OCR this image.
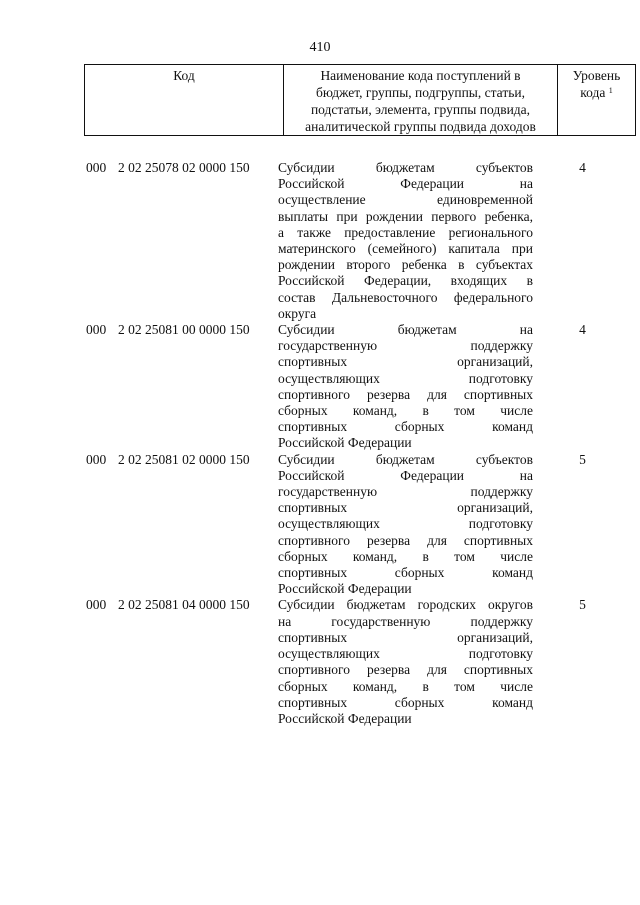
410
Код	Наименование кода поступлений в
бюджет, группы, подгруппы, статьи,
подстатьи, элемента, группы подвида,
аналитической группы подвида доходов

Уровень
кода $^1$
000 2 02 25078 02 0000 150	Субсидии бюджетам субъектов
Российской Федерации на
осуществление единовременной
выплаты при рождении первого ребенка,
а также предоставление регионального
материнского (семейного) капитала при
рождении второго ребенка в субъектах
Российской Федерации, входящих в
состав Дальневосточного федерального
округа
4
000 2 02 25081 00 0000 150	Субсидии бюджетам на
государственную поддержку
спортивных организаций,
осуществляющих подготовку
спортивного резерва для спортивных
сборных команд, в том числе
спортивных сборных команд
Российской Федерации
4
000 2 02 25081 02 0000 150	Субсидии бюджетам субъектов
Российской Федерации на
государственную поддержку
спортивных организаций,
осуществляющих подготовку
спортивного резерва для спортивных
сборных команд, в том числе
спортивных сборных команд
Российской Федерации
5
000 2 02 25081 04 0000 150	Субсидии бюджетам городских округов
на государственную поддержку
спортивных организаций,
осуществляющих подготовку
спортивного резерва для спортивных
сборных команд, в том числе
спортивных сборных команд
Российской Федерации
5
